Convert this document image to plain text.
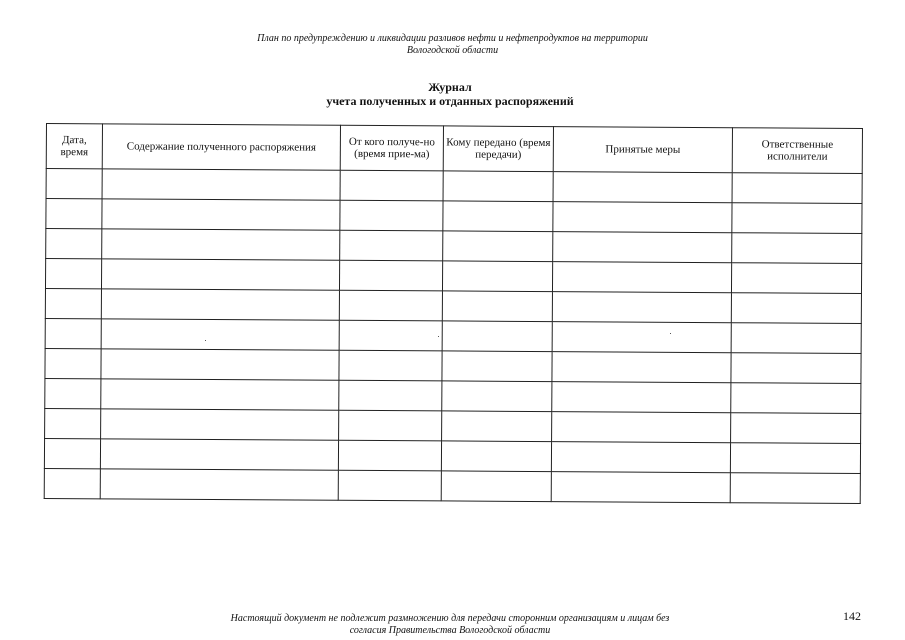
План по предупреждению и ликвидации разливов нефти и нефтепродуктов на территории
Вологодской области
Журнал
учета полученных и отданных распоряжений
Дата, время	Содержание полученного распоряжения	От кого получе-но (время прие-ма)	Кому передано (время передачи)	Принятые меры	Ответственные исполнители

Настоящий документ не подлежит размножению для передачи сторонним организациям и лицам без
согласия Правительства Вологодской области
142
